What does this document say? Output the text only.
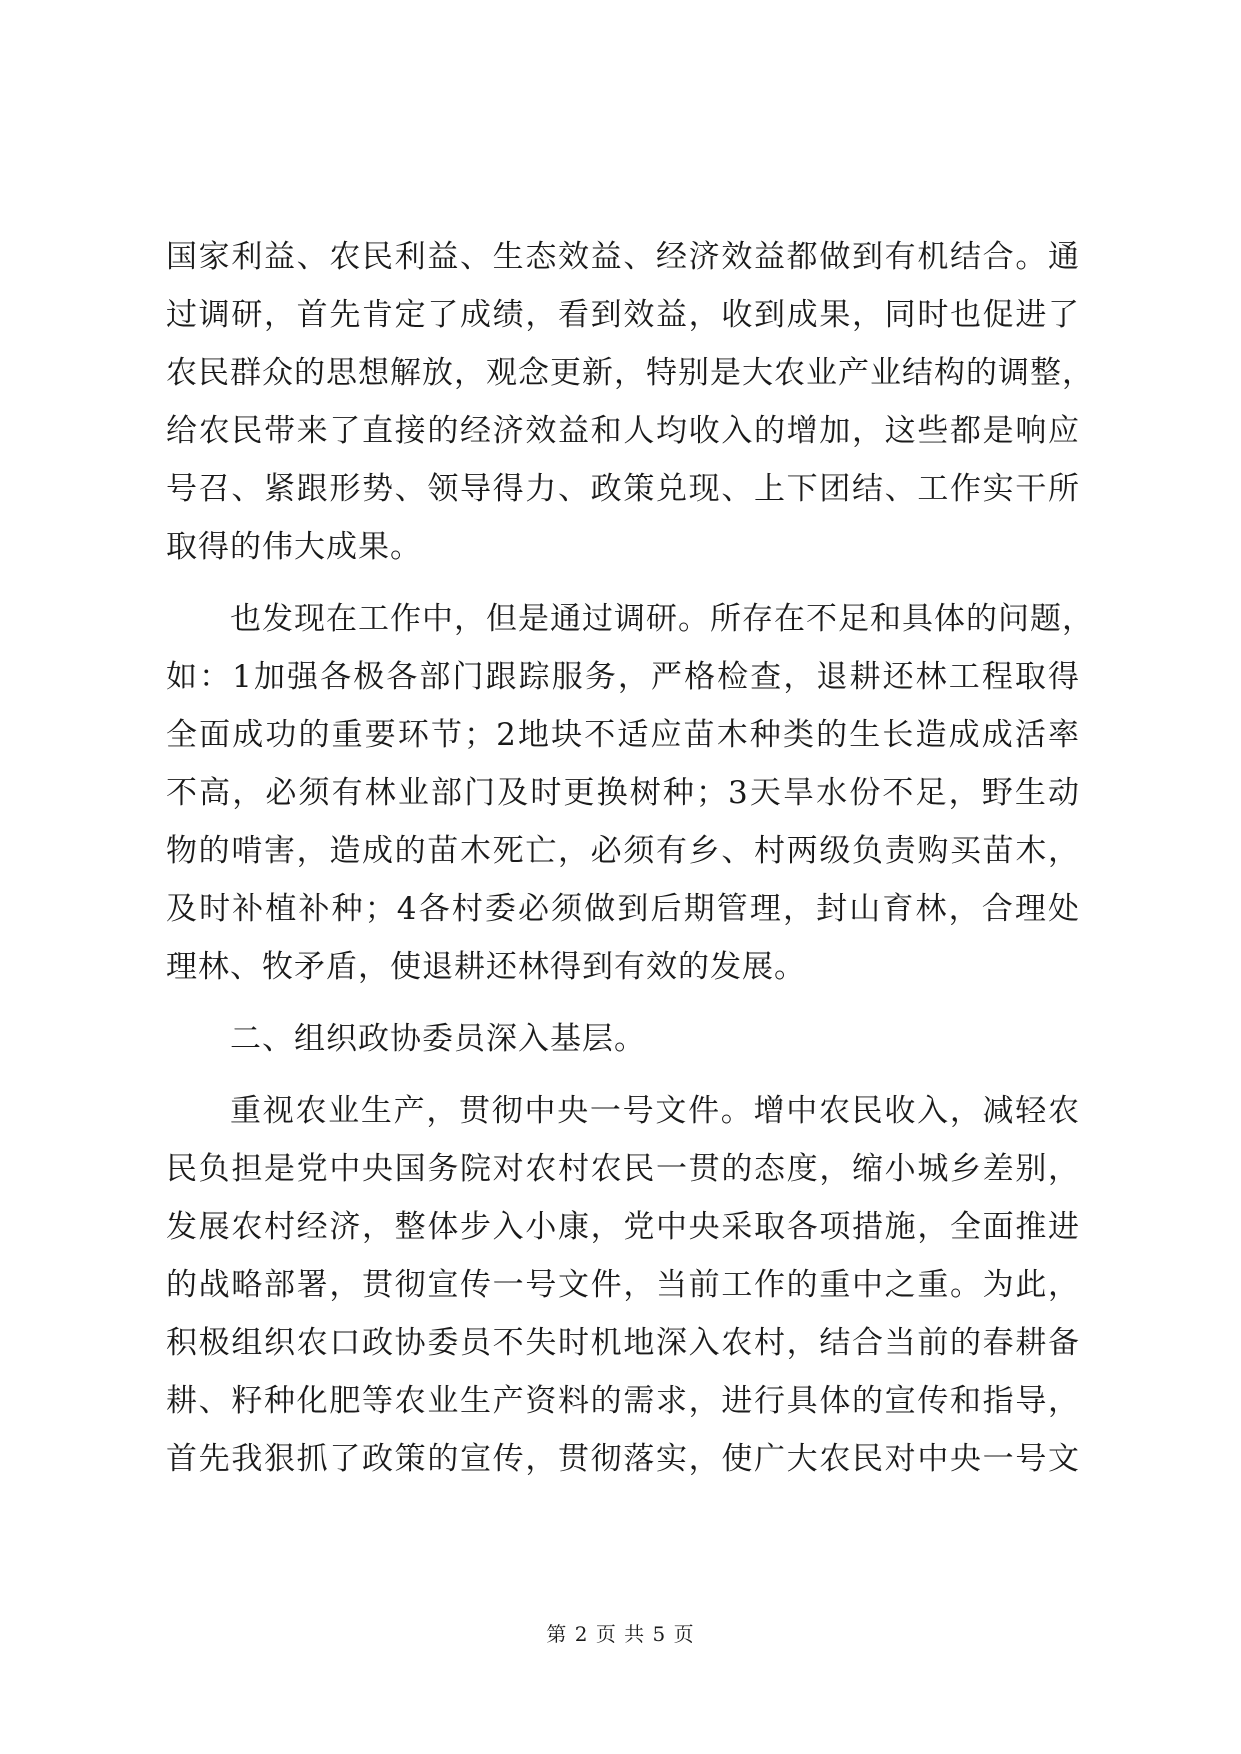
国家利益、农民利益、生态效益、经济效益都做到有机结合。通
过调研，首先肯定了成绩，看到效益，收到成果，同时也促进了
农民群众的思想解放，观念更新，特别是大农业产业结构的调整，
给农民带来了直接的经济效益和人均收入的增加，这些都是响应
号召、紧跟形势、领导得力、政策兑现、上下团结、工作实干所
取得的伟大成果。
也发现在工作中，但是通过调研。所存在不足和具体的问题，
如：1加强各极各部门跟踪服务，严格检查，退耕还林工程取得
全面成功的重要环节；2地块不适应苗木种类的生长造成成活率
不高，必须有林业部门及时更换树种；3天旱水份不足，野生动
物的啃害，造成的苗木死亡，必须有乡、村两级负责购买苗木，
及时补植补种；4各村委必须做到后期管理，封山育林，合理处
理林、牧矛盾，使退耕还林得到有效的发展。
二、组织政协委员深入基层。
重视农业生产，贯彻中央一号文件。增中农民收入，减轻农
民负担是党中央国务院对农村农民一贯的态度，缩小城乡差别，
发展农村经济，整体步入小康，党中央采取各项措施，全面推进
的战略部署，贯彻宣传一号文件，当前工作的重中之重。为此，
积极组织农口政协委员不失时机地深入农村，结合当前的春耕备
耕、籽种化肥等农业生产资料的需求，进行具体的宣传和指导，
首先我狠抓了政策的宣传，贯彻落实，使广大农民对中央一号文
第 2 页 共 5 页
